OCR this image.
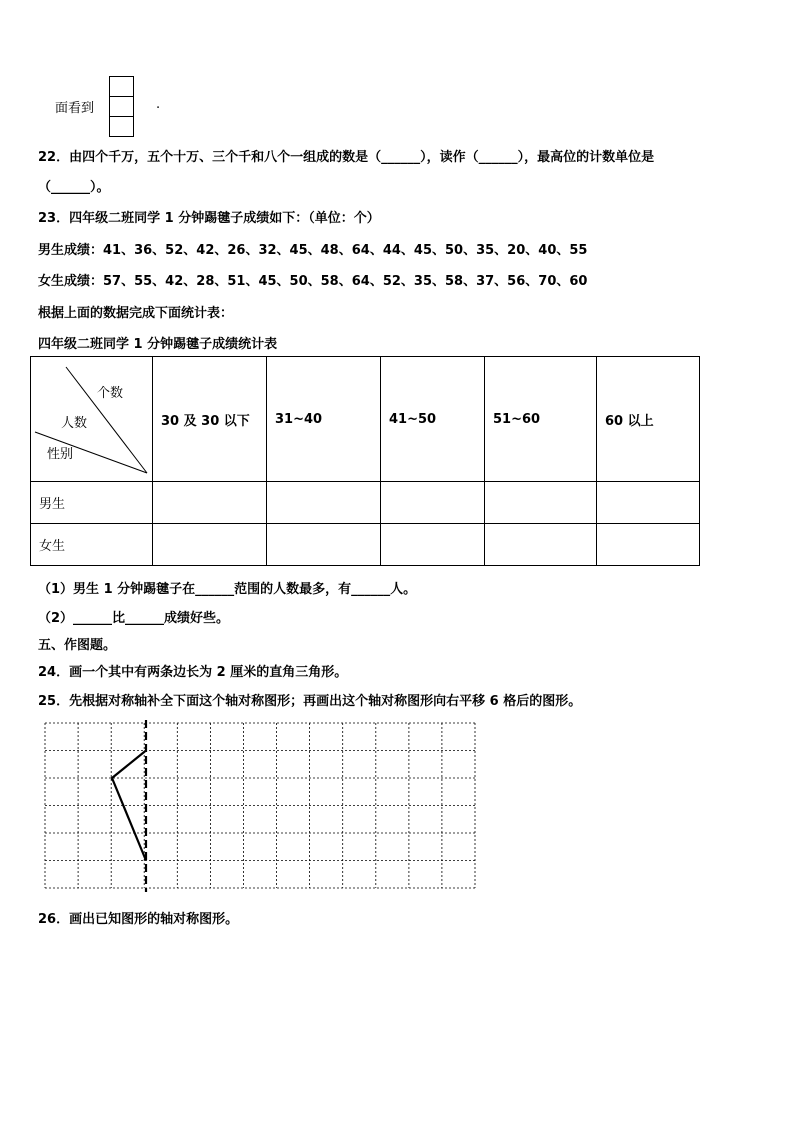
面看到	.
22．由四个千万，五个十万、三个千和八个一组成的数是（______），读作（______），最高位的计数单位是
（______）。
23．四年级二班同学 1 分钟踢毽子成绩如下：（单位：个）
男生成绩：41、36、52、42、26、32、45、48、64、44、45、50、35、20、40、55
女生成绩：57、55、42、28、51、45、50、58、64、52、35、58、37、56、70、60
根据上面的数据完成下面统计表：
四年级二班同学 1 分钟踢毽子成绩统计表
个数
人数
性别	30 及 30 以下	31~40	41~50	51~60	60 以上
男生					
女生					
（1）男生 1 分钟踢毽子在______范围的人数最多，有______人。
（2）______比______成绩好些。
五、作图题。
24．画一个其中有两条边长为 2 厘米的直角三角形。
25．先根据对称轴补全下面这个轴对称图形；再画出这个轴对称图形向右平移 6 格后的图形。
26．画出已知图形的轴对称图形。
